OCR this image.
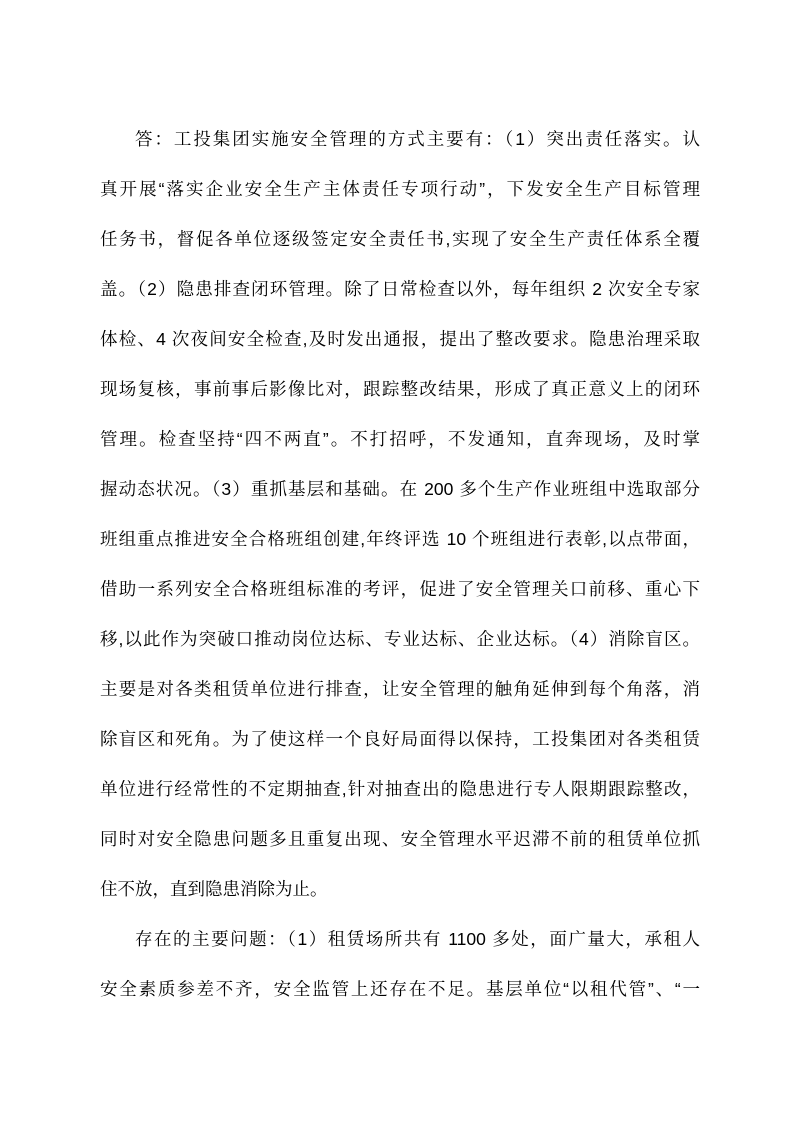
答：工投集团实施安全管理的方式主要有：（1）突出责任落实。认

真开展“落实企业安全生产主体责任专项行动”，下发安全生产目标管理

任务书，督促各单位逐级签定安全责任书,实现了安全生产责任体系全覆

盖。（2）隐患排查闭环管理。除了日常检查以外，每年组织 2 次安全专家

体检、4 次夜间安全检查,及时发出通报，提出了整改要求。隐患治理采取

现场复核，事前事后影像比对，跟踪整改结果，形成了真正意义上的闭环

管理。检查坚持“四不两直”。不打招呼，不发通知，直奔现场，及时掌

握动态状况。（3）重抓基层和基础。在 200 多个生产作业班组中选取部分

班组重点推进安全合格班组创建,年终评选 10 个班组进行表彰,以点带面，

借助一系列安全合格班组标准的考评，促进了安全管理关口前移、重心下

移,以此作为突破口推动岗位达标、专业达标、企业达标。（4）消除盲区。

主要是对各类租赁单位进行排查，让安全管理的触角延伸到每个角落，消

除盲区和死角。为了使这样一个良好局面得以保持，工投集团对各类租赁

单位进行经常性的不定期抽查,针对抽查出的隐患进行专人限期跟踪整改，

同时对安全隐患问题多且重复出现、安全管理水平迟滞不前的租赁单位抓

住不放，直到隐患消除为止。

存在的主要问题：（1）租赁场所共有 1100 多处，面广量大，承租人

安全素质参差不齐，安全监管上还存在不足。基层单位“以租代管”、“一
